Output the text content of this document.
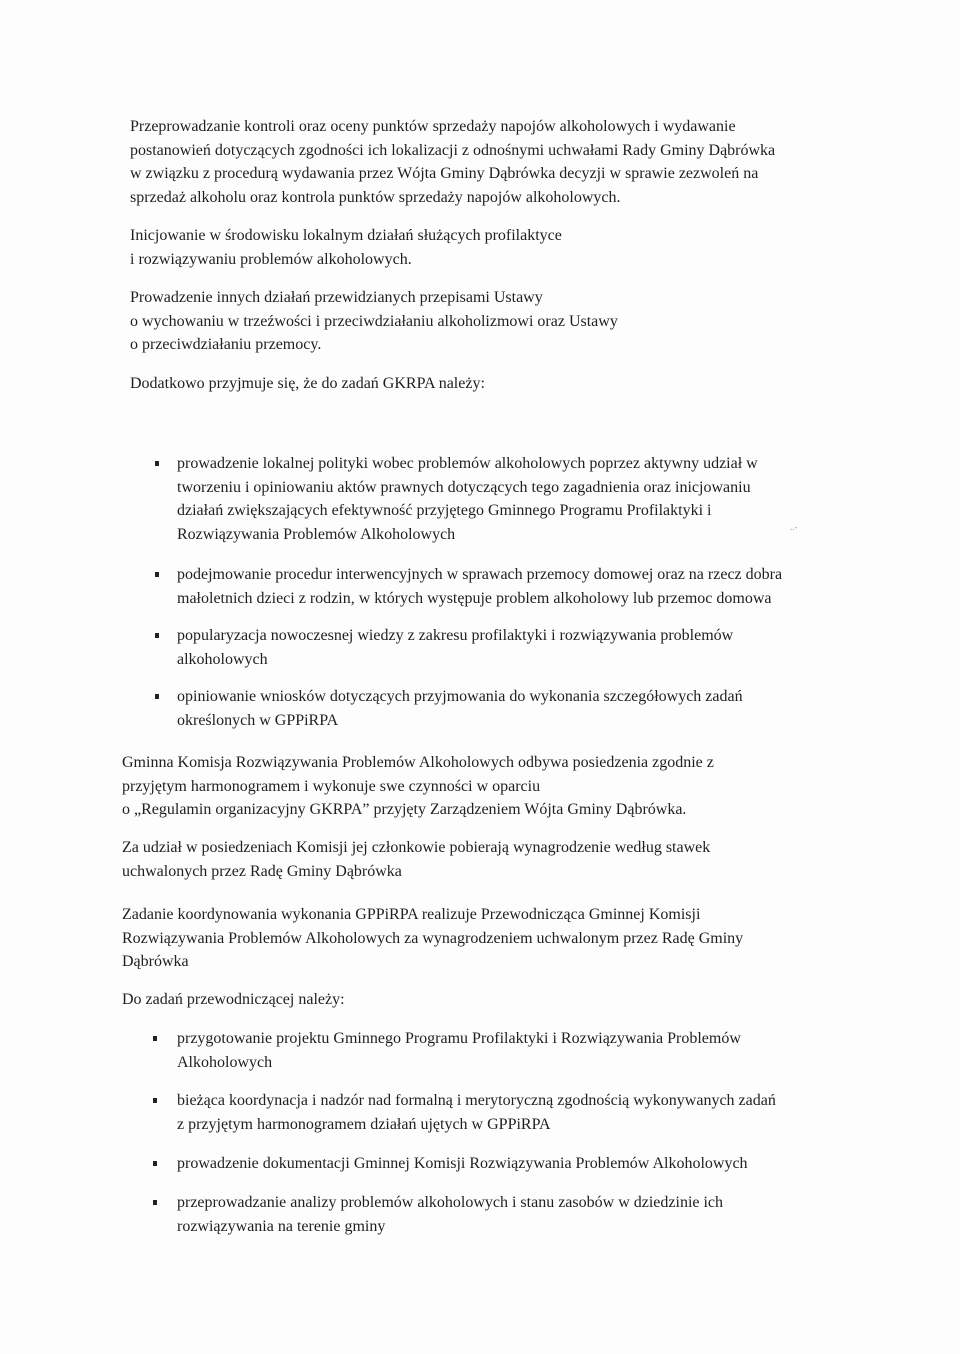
Przeprowadzanie kontroli oraz oceny punktów sprzedaży napojów alkoholowych i wydawanie
postanowień dotyczących zgodności ich lokalizacji z odnośnymi uchwałami Rady Gminy Dąbrówka
w związku z procedurą wydawania przez Wójta Gminy Dąbrówka decyzji w sprawie zezwoleń na
sprzedaż alkoholu oraz kontrola punktów sprzedaży napojów alkoholowych.

Inicjowanie w środowisku lokalnym działań służących profilaktyce
i rozwiązywaniu problemów alkoholowych.

Prowadzenie innych działań przewidzianych przepisami Ustawy
o wychowaniu w trzeźwości i przeciwdziałaniu alkoholizmowi oraz Ustawy
o przeciwdziałaniu przemocy.

Dodatkowo przyjmuje się, że do zadań GKRPA należy:

prowadzenie lokalnej polityki wobec problemów alkoholowych poprzez aktywny udział w
tworzeniu i opiniowaniu aktów prawnych dotyczących tego zagadnienia oraz inicjowaniu
działań zwiększających efektywność przyjętego Gminnego Programu Profilaktyki i
Rozwiązywania Problemów Alkoholowych
podejmowanie procedur interwencyjnych w sprawach przemocy domowej oraz na rzecz dobra
małoletnich dzieci z rodzin, w których występuje problem alkoholowy lub przemoc domowa
popularyzacja nowoczesnej wiedzy z zakresu profilaktyki i rozwiązywania problemów
alkoholowych
opiniowanie wniosków dotyczących przyjmowania do wykonania szczegółowych zadań
określonych w GPPiRPA
..-

Gminna Komisja Rozwiązywania Problemów Alkoholowych odbywa posiedzenia zgodnie z
przyjętym harmonogramem i wykonuje swe czynności w oparciu
o „Regulamin organizacyjny GKRPA” przyjęty Zarządzeniem Wójta Gminy Dąbrówka.

Za udział w posiedzeniach Komisji jej członkowie pobierają wynagrodzenie według stawek
uchwalonych przez Radę Gminy Dąbrówka

Zadanie koordynowania wykonania GPPiRPA realizuje Przewodnicząca Gminnej Komisji
Rozwiązywania Problemów Alkoholowych za wynagrodzeniem uchwalonym przez Radę Gminy
Dąbrówka

Do zadań przewodniczącej należy:

przygotowanie projektu Gminnego Programu Profilaktyki i Rozwiązywania Problemów
Alkoholowych
bieżąca koordynacja i nadzór nad formalną i merytoryczną zgodnością wykonywanych zadań
z przyjętym harmonogramem działań ujętych w GPPiRPA
prowadzenie dokumentacji Gminnej Komisji Rozwiązywania Problemów Alkoholowych
przeprowadzanie analizy problemów alkoholowych i stanu zasobów w dziedzinie ich
rozwiązywania na terenie gminy
